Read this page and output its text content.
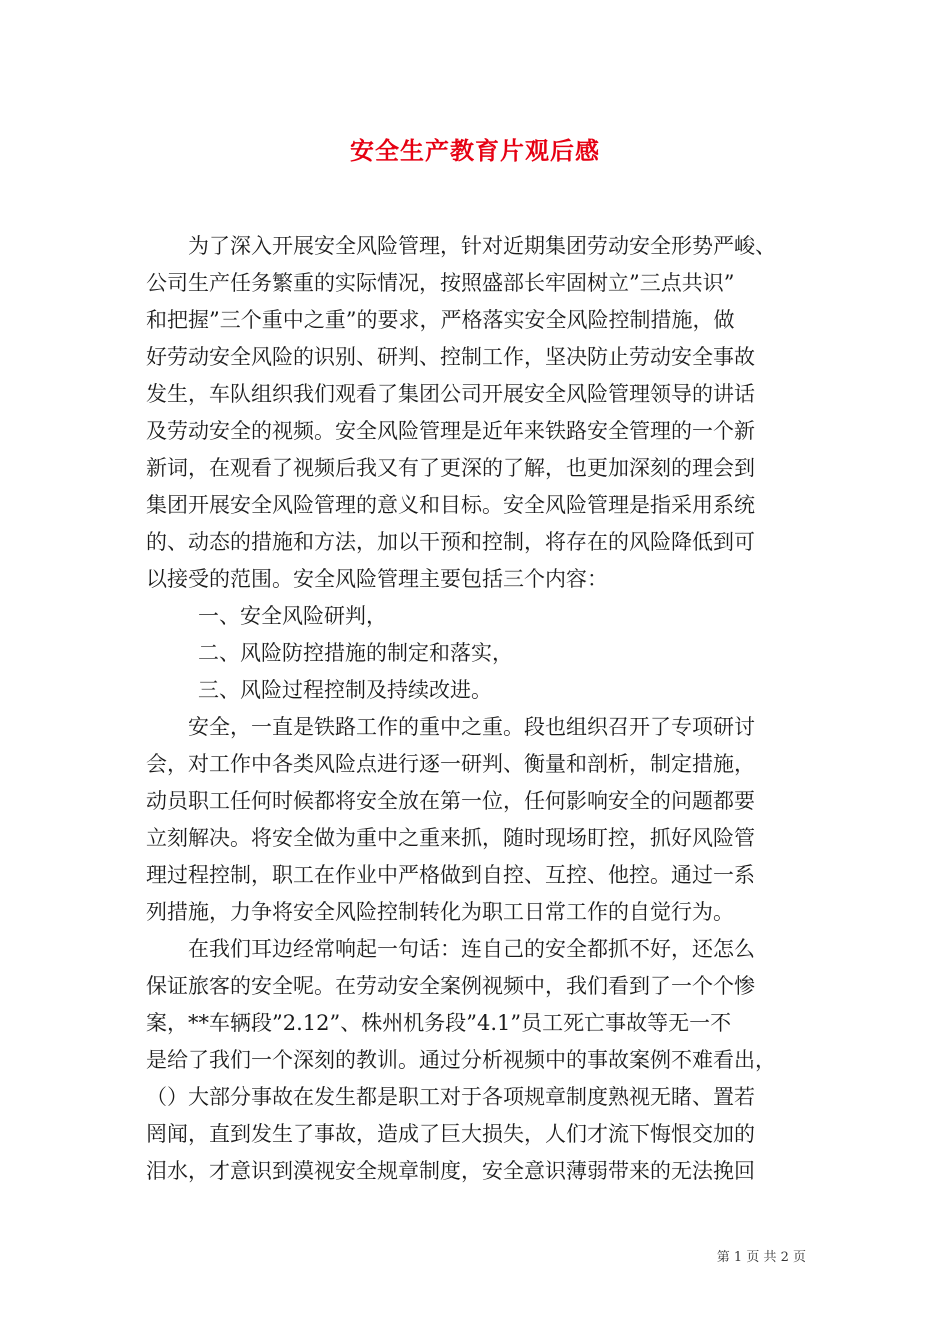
安全生产教育片观后感

为了深入开展安全风险管理，针对近期集团劳动安全形势严峻、
公司生产任务繁重的实际情况，按照盛部长牢固树立”三点共识”
和把握”三个重中之重”的要求，严格落实安全风险控制措施，做
好劳动安全风险的识别、研判、控制工作，坚决防止劳动安全事故
发生，车队组织我们观看了集团公司开展安全风险管理领导的讲话
及劳动安全的视频。安全风险管理是近年来铁路安全管理的一个新
新词，在观看了视频后我又有了更深的了解，也更加深刻的理会到
集团开展安全风险管理的意义和目标。安全风险管理是指采用系统
的、动态的措施和方法，加以干预和控制，将存在的风险降低到可
以接受的范围。安全风险管理主要包括三个内容：

一、安全风险研判，

二、风险防控措施的制定和落实，

三、风险过程控制及持续改进。

安全，一直是铁路工作的重中之重。段也组织召开了专项研讨
会，对工作中各类风险点进行逐一研判、衡量和剖析，制定措施，
动员职工任何时候都将安全放在第一位，任何影响安全的问题都要
立刻解决。将安全做为重中之重来抓，随时现场盯控，抓好风险管
理过程控制，职工在作业中严格做到自控、互控、他控。通过一系
列措施，力争将安全风险控制转化为职工日常工作的自觉行为。

在我们耳边经常响起一句话：连自己的安全都抓不好，还怎么
保证旅客的安全呢。在劳动安全案例视频中，我们看到了一个个惨
案，**车辆段”2.12”、株州机务段”4.1”员工死亡事故等无一不
是给了我们一个深刻的教训。通过分析视频中的事故案例不难看出，
（）大部分事故在发生都是职工对于各项规章制度熟视无睹、置若
罔闻，直到发生了事故，造成了巨大损失，人们才流下悔恨交加的
泪水，才意识到漠视安全规章制度，安全意识薄弱带来的无法挽回

第 1 页 共 2 页
